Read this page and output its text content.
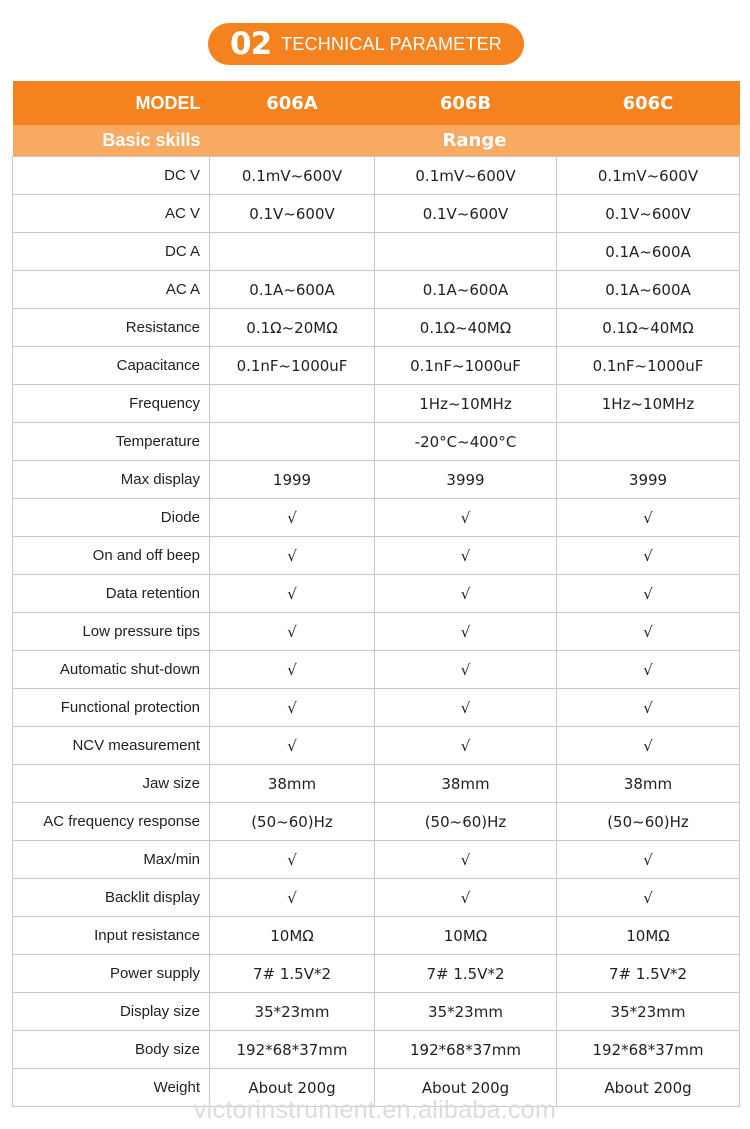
02 TECHNICAL PARAMETER
MODEL	606A	606B	606C
Basic skills	Range		
DC V	0.1mV~600V	0.1mV~600V	0.1mV~600V
AC V	0.1V~600V	0.1V~600V	0.1V~600V
DC A			0.1A~600A
AC A	0.1A~600A	0.1A~600A	0.1A~600A
Resistance	0.1Ω~20MΩ	0.1Ω~40MΩ	0.1Ω~40MΩ
Capacitance	0.1nF~1000uF	0.1nF~1000uF	0.1nF~1000uF
Frequency		1Hz~10MHz	1Hz~10MHz
Temperature		-20°C~400°C	
Max display	1999	3999	3999
Diode	√	√	√
On and off beep	√	√	√
Data retention	√	√	√
Low pressure tips	√	√	√
Automatic shut-down	√	√	√
Functional protection	√	√	√
NCV measurement	√	√	√
Jaw size	38mm	38mm	38mm
AC frequency response	(50~60)Hz	(50~60)Hz	(50~60)Hz
Max/min	√	√	√
Backlit display	√	√	√
Input resistance	10MΩ	10MΩ	10MΩ
Power supply	7# 1.5V*2	7# 1.5V*2	7# 1.5V*2
Display size	35*23mm	35*23mm	35*23mm
Body size	192*68*37mm	192*68*37mm	192*68*37mm
Weight	About 200g	About 200g	About 200g
victorinstrument.en.alibaba.com
